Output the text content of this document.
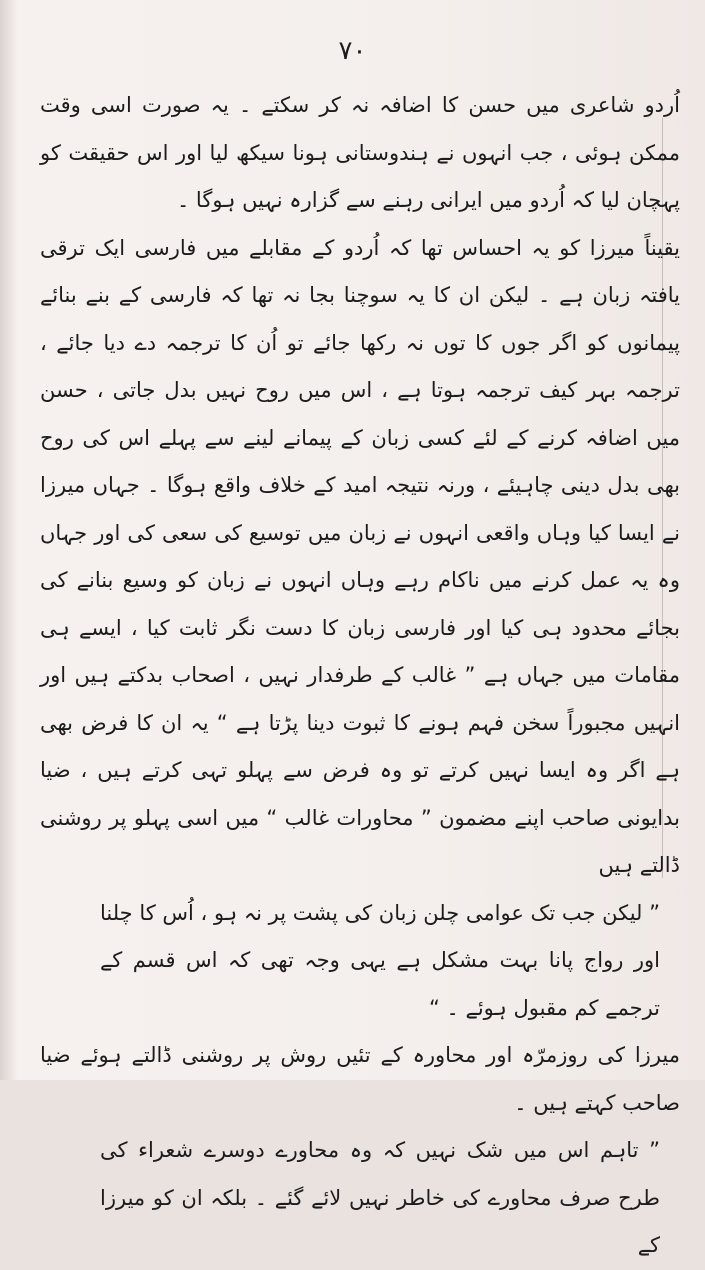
۷۰

اُردو شاعری میں حسن کا اضافہ نہ کر سکتے ۔ یہ صورت اسی وقت ممکن ہوئی ، جب انہوں نے ہندوستانی ہونا سیکھ لیا اور اس حقیقت کو پہچان لیا کہ اُردو میں ایرانی رہنے سے گزارہ نہیں ہوگا ۔

یقیناً میرزا کو یہ احساس تھا کہ اُردو کے مقابلے میں فارسی ایک ترقی یافتہ زبان ہے ۔ لیکن ان کا یہ سوچنا بجا نہ تھا کہ فارسی کے بنے بنائے پیمانوں کو اگر جوں کا توں نہ رکھا جائے تو اُن کا ترجمہ دے دیا جائے ، ترجمہ بہر کیف ترجمہ ہوتا ہے ، اس میں روح نہیں بدل جاتی ، حسن میں اضافہ کرنے کے لئے کسی زبان کے پیمانے لینے سے پہلے اس کی روح بھی بدل دینی چاہیئے ، ورنہ نتیجہ امید کے خلاف واقع ہوگا ۔ جہاں میرزا نے ایسا کیا وہاں واقعی انہوں نے زبان میں توسیع کی سعی کی اور جہاں وہ یہ عمل کرنے میں ناکام رہے وہاں انہوں نے زبان کو وسیع بنانے کی بجائے محدود ہی کیا اور فارسی زبان کا دست نگر ثابت کیا ، ایسے ہی مقامات میں جہاں ہے ” غالب کے طرفدار نہیں ، اصحاب بدکتے ہیں اور انہیں مجبوراً سخن فہم ہونے کا ثبوت دینا پڑتا ہے “ یہ ان کا فرض بھی ہے اگر وہ ایسا نہیں کرتے تو وہ فرض سے پہلو تہی کرتے ہیں ، ضیا بدایونی صاحب اپنے مضمون ” محاورات غالب “ میں اسی پہلو پر روشنی ڈالتے ہیں

” لیکن جب تک عوامی چلن زبان کی پشت پر نہ ہو ، اُس کا چلنا اور رواج پانا بہت مشکل ہے یہی وجہ تھی کہ اس قسم کے ترجمے کم مقبول ہوئے ۔ “

میرزا کی روزمرّہ اور محاورہ کے تئیں روش پر روشنی ڈالتے ہوئے ضیا صاحب کہتے ہیں ۔

” تاہم اس میں شک نہیں کہ وہ محاورے دوسرے شعراء کی طرح صرف محاورے کی خاطر نہیں لائے گئے ۔ بلکہ ان کو میرزا کے
